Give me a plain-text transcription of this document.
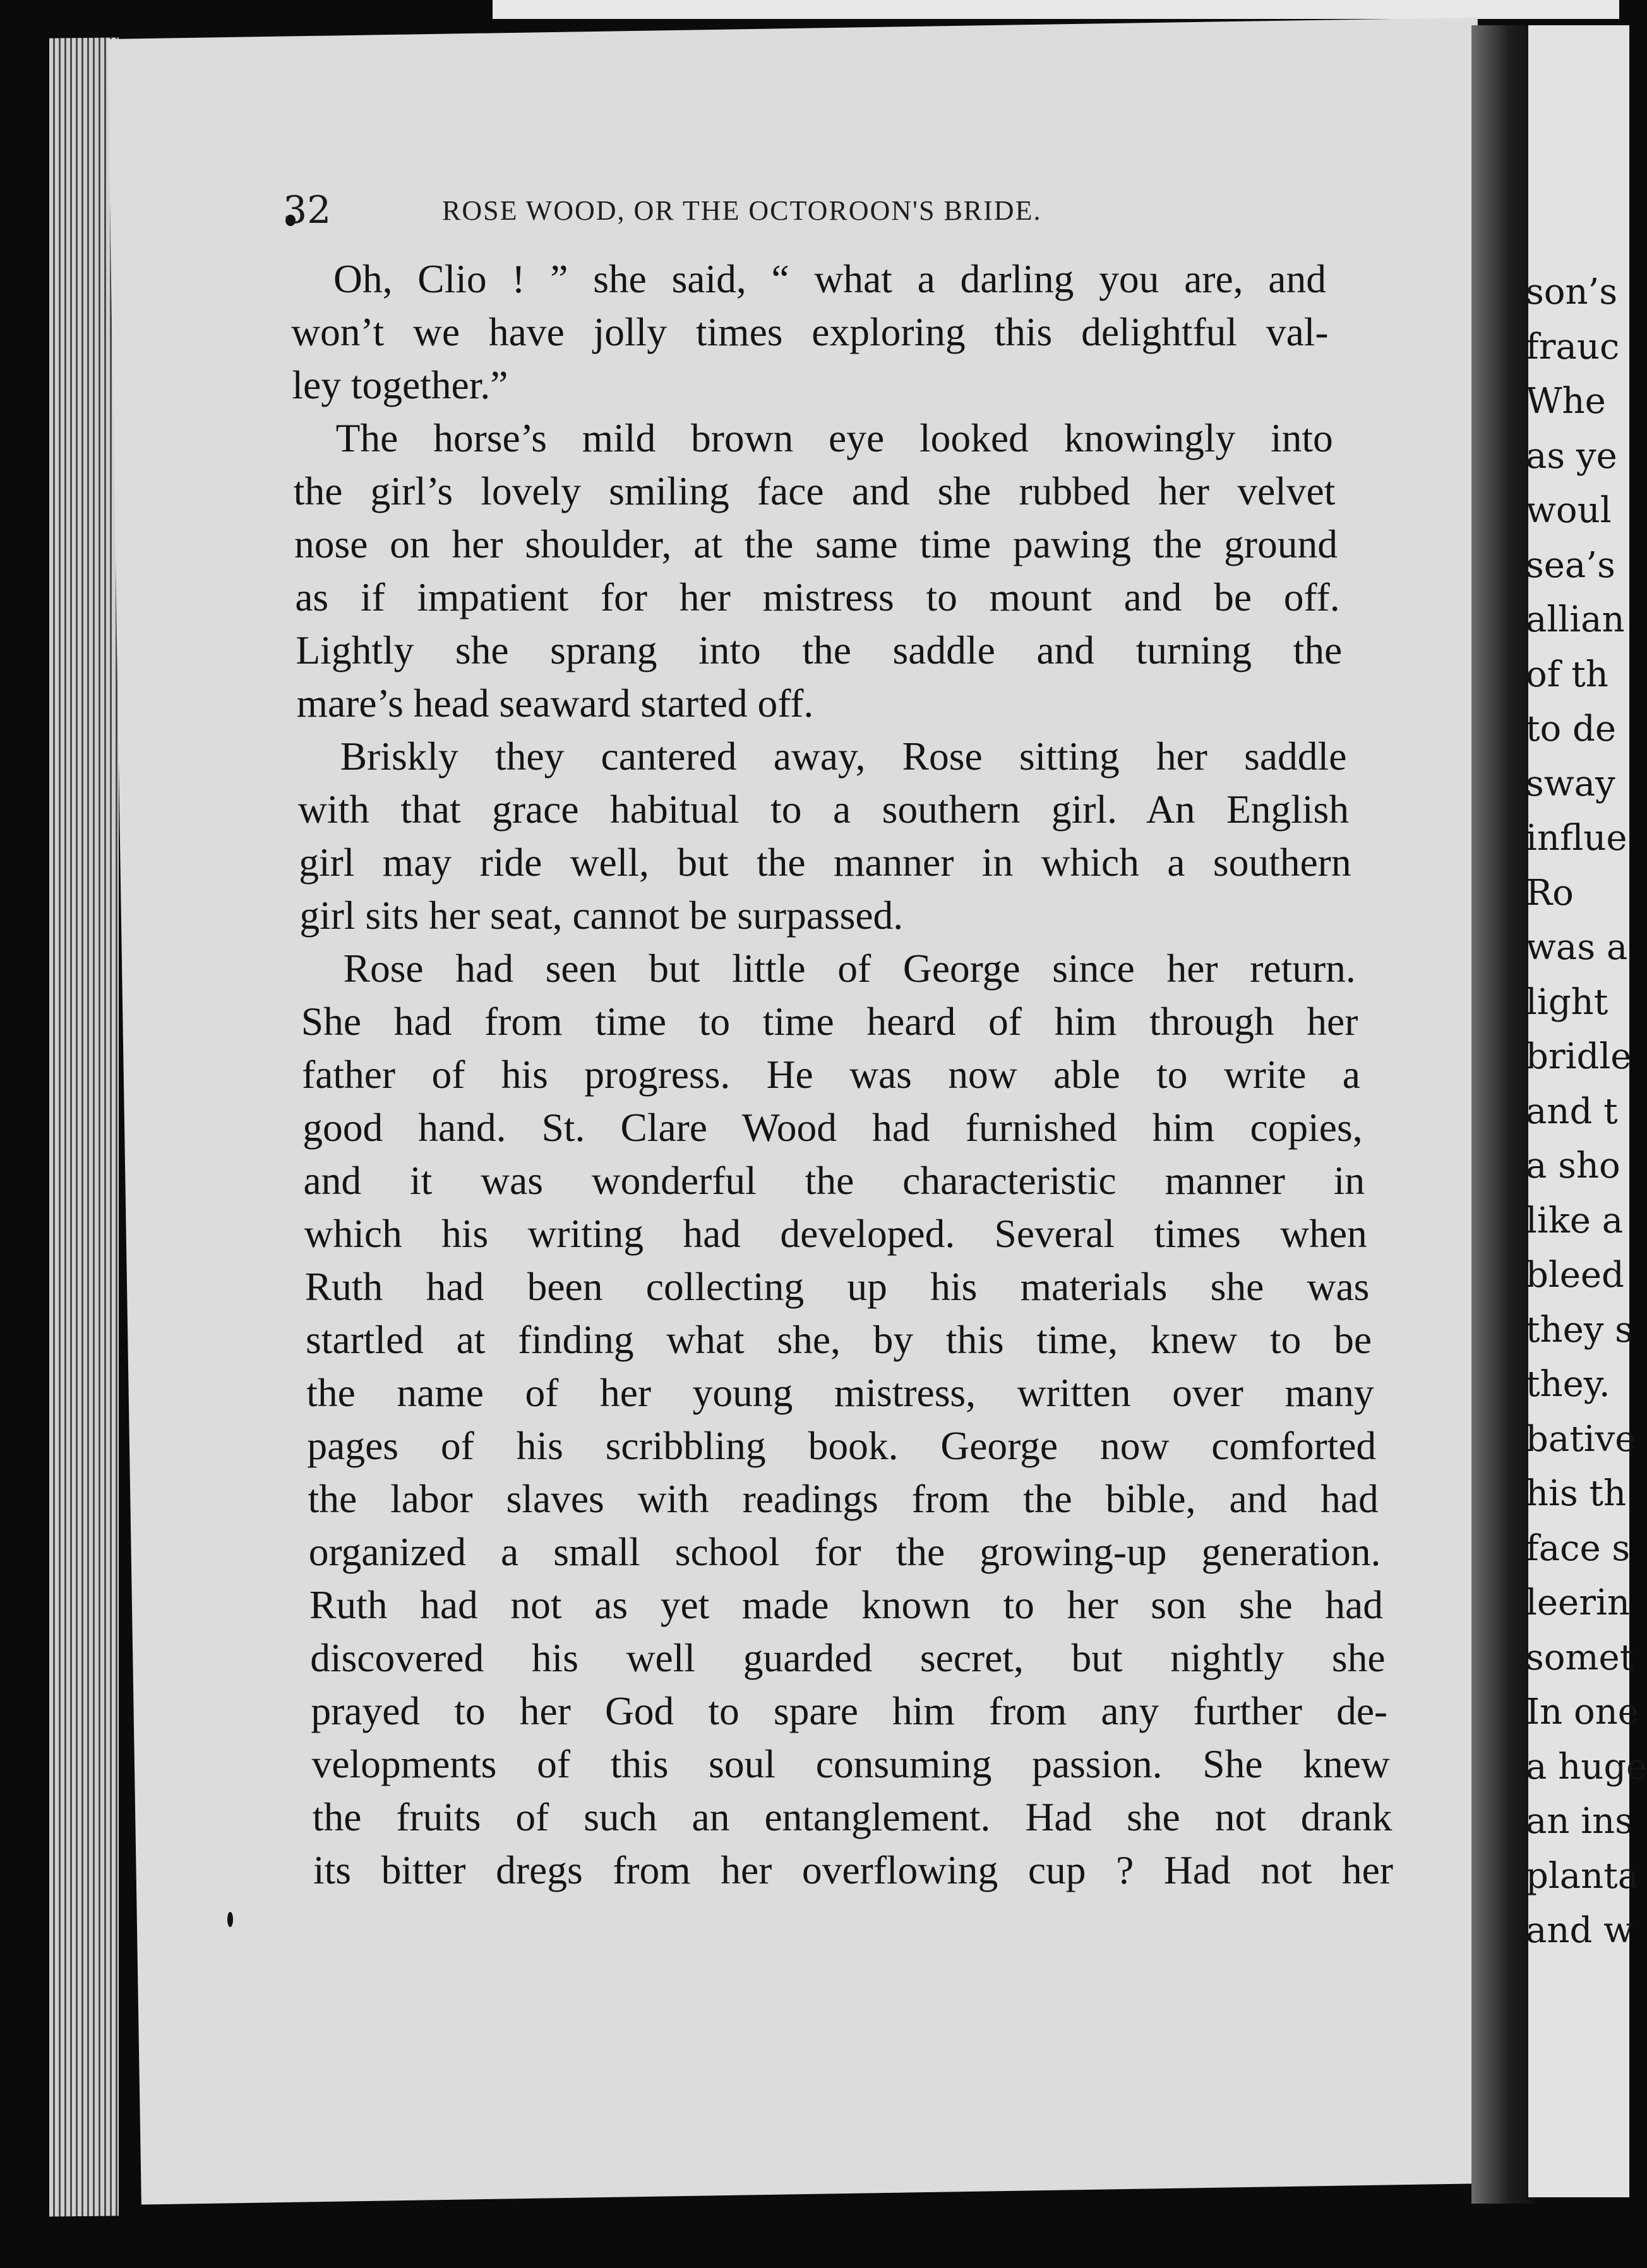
son’s
frauc
Whe
as ye
woul
sea’s
allian
of th
to de
sway
influe
Ro
was a
light
bridle
and t
a sho
like a
bleed
they s
they.
bative
his th
face s
leerin
somet
In one
a huge
an ins
planta
and w
32	ROSE WOOD, OR THE OCTOROON'S BRIDE.
Oh, Clio ! ” she said, “ what a darling you are, and
won’t we have jolly times exploring this delightful val-
ley together.”
The horse’s mild brown eye looked knowingly into
the girl’s lovely smiling face and she rubbed her velvet
nose on her shoulder, at the same time pawing the ground
as if impatient for her mistress to mount and be off.
Lightly she sprang into the saddle and turning the
mare’s head seaward started off.
Briskly they cantered away, Rose sitting her saddle
with that grace habitual to a southern girl. An English
girl may ride well, but the manner in which a southern
girl sits her seat, cannot be surpassed.
Rose had seen but little of George since her return.
She had from time to time heard of him through her
father of his progress. He was now able to write a
good hand. St. Clare Wood had furnished him copies,
and it was wonderful the characteristic manner in
which his writing had developed. Several times when
Ruth had been collecting up his materials she was
startled at finding what she, by this time, knew to be
the name of her young mistress, written over many
pages of his scribbling book. George now comforted
the labor slaves with readings from the bible, and had
organized a small school for the growing-up generation.
Ruth had not as yet made known to her son she had
discovered his well guarded secret, but nightly she
prayed to her God to spare him from any further de-
velopments of this soul consuming passion. She knew
the fruits of such an entanglement. Had she not drank
its bitter dregs from her overflowing cup ? Had not her
